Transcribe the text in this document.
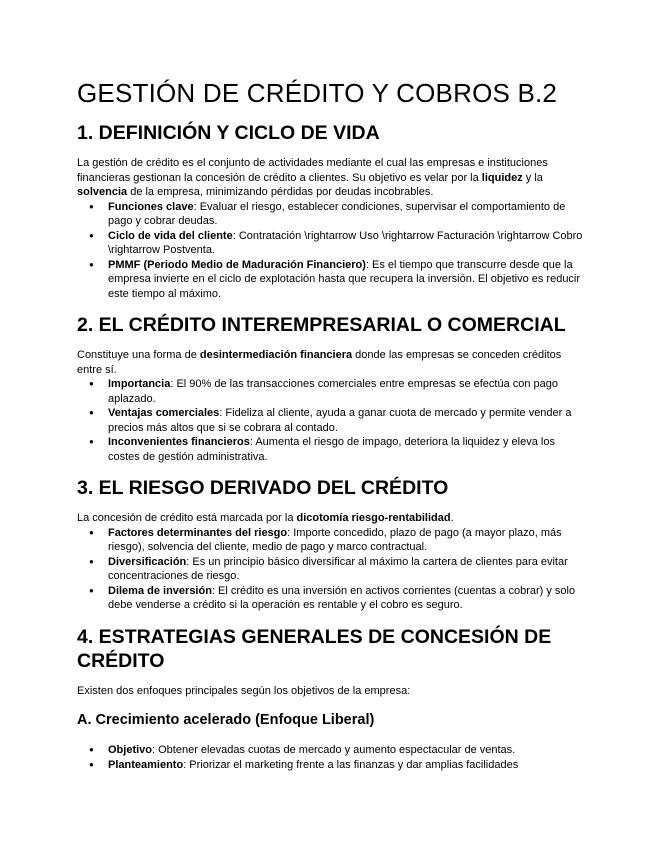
GESTIÓN DE CRÉDITO Y COBROS B.2
1. DEFINICIÓN Y CICLO DE VIDA

La gestión de crédito es el conjunto de actividades mediante el cual las empresas e instituciones financieras gestionan la concesión de crédito a clientes. Su objetivo es velar por la liquidez y la solvencia de la empresa, minimizando pérdidas por deudas incobrables.

● Funciones clave: Evaluar el riesgo, establecer condiciones, supervisar el comportamiento de pago y cobrar deudas.
● Ciclo de vida del cliente: Contratación \rightarrow Uso \rightarrow Facturación \rightarrow Cobro \rightarrow Postventa.
● PMMF (Periodo Medio de Maduración Financiero): Es el tiempo que transcurre desde que la empresa invierte en el ciclo de explotación hasta que recupera la inversión. El objetivo es reducir este tiempo al máximo.
2. EL CRÉDITO INTEREMPRESARIAL O COMERCIAL

Constituye una forma de desintermediación financiera donde las empresas se conceden créditos entre sí.

● Importancia: El 90% de las transacciones comerciales entre empresas se efectúa con pago aplazado.
● Ventajas comerciales: Fideliza al cliente, ayuda a ganar cuota de mercado y permite vender a precios más altos que si se cobrara al contado.
● Inconvenientes financieros: Aumenta el riesgo de impago, deteriora la liquidez y eleva los costes de gestión administrativa.
3. EL RIESGO DERIVADO DEL CRÉDITO

La concesión de crédito está marcada por la dicotomía riesgo-rentabilidad.

● Factores determinantes del riesgo: Importe concedido, plazo de pago (a mayor plazo, más riesgo), solvencia del cliente, medio de pago y marco contractual.
● Diversificación: Es un principio básico diversificar al máximo la cartera de clientes para evitar concentraciones de riesgo.
● Dilema de inversión: El crédito es una inversión en activos corrientes (cuentas a cobrar) y solo debe venderse a crédito si la operación es rentable y el cobro es seguro.
4. ESTRATEGIAS GENERALES DE CONCESIÓN DE CRÉDITO

Existen dos enfoques principales según los objetivos de la empresa:

A. Crecimiento acelerado (Enfoque Liberal)
● Objetivo: Obtener elevadas cuotas de mercado y aumento espectacular de ventas.
● Planteamiento: Priorizar el marketing frente a las finanzas y dar amplias facilidades
